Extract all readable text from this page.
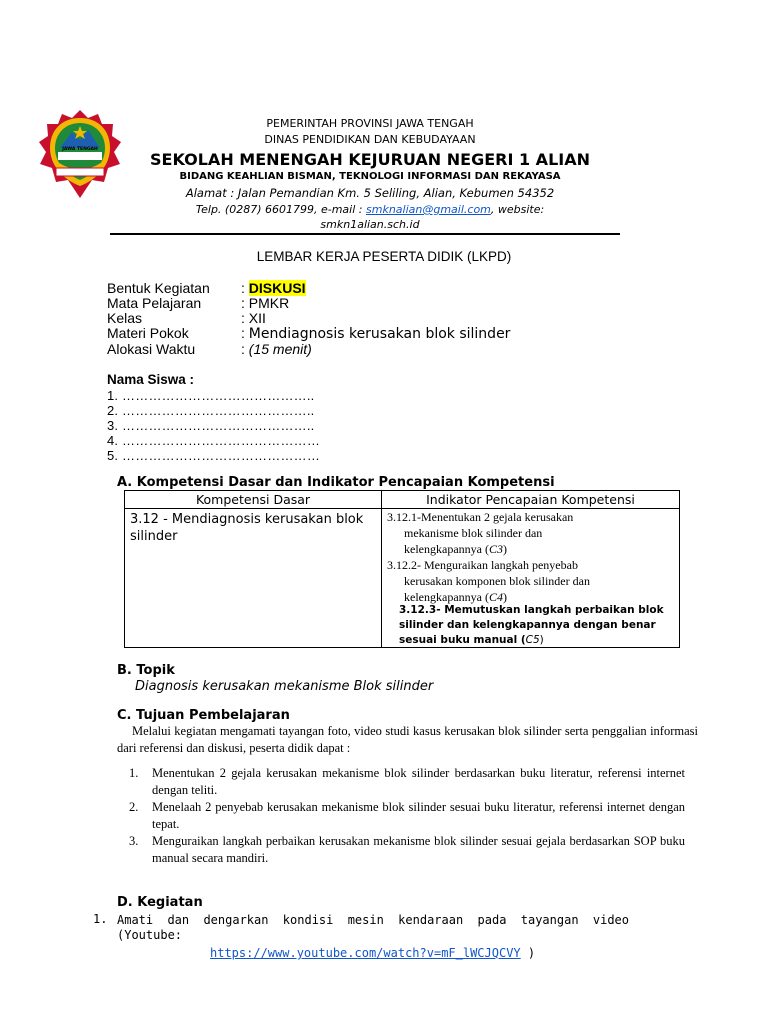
JAWA TENGAH
PEMERINTAH PROVINSI JAWA TENGAH
DINAS PENDIDIKAN DAN KEBUDAYAAN
SEKOLAH MENENGAH KEJURUAN NEGERI 1 ALIAN
BIDANG KEAHLIAN BISMAN, TEKNOLOGI INFORMASI DAN REKAYASA
Alamat : Jalan Pemandian Km. 5 Seliling, Alian, Kebumen 54352
Telp. (0287) 6601799, e-mail : smknalian@gmail.com, website:
smkn1alian.sch.id
LEMBAR KERJA PESERTA DIDIK (LKPD)
Bentuk Kegiatan : DISKUSI
Mata Pelajaran	: PMKR
Kelas	: XII
Materi Pokok	: Mendiagnosis kerusakan blok silinder
Alokasi Waktu	: (15 menit)
Nama Siswa :
1. ……………………………………..
2. ……………………………………..
3. ……………………………………..
4. ………………………………………
5. ………………………………………
A. Kompetensi Dasar dan Indikator Pencapaian Kompetensi
Kompetensi Dasar	Indikator Pencapaian Kompetensi
3.12 - Mendiagnosis kerusakan blok silinder
3.12.1-Menentukan 2 gejala kerusakan
mekanisme blok silinder dan
kelengkapannya (C3)
3.12.2- Menguraikan langkah penyebab
kerusakan komponen blok silinder dan
kelengkapannya (C4)
3.12.3- Memutuskan langkah perbaikan blok silinder dan kelengkapannya dengan benar sesuai buku manual (C5)
B. Topik
Diagnosis kerusakan mekanisme Blok silinder
C. Tujuan Pembelajaran
Melalui kegiatan mengamati tayangan foto, video studi kasus kerusakan blok silinder serta penggalian informasi dari referensi dan diskusi, peserta didik dapat :
1. Menentukan 2 gejala kerusakan mekanisme blok silinder berdasarkan buku literatur, referensi internet dengan teliti.
2. Menelaah 2 penyebab kerusakan mekanisme blok silinder sesuai buku literatur, referensi internet dengan tepat.
3. Menguraikan langkah perbaikan kerusakan mekanisme blok silinder sesuai gejala berdasarkan SOP buku manual secara mandiri.
D. Kegiatan
1. Amati dan dengarkan kondisi mesin kendaraan pada tayangan video
(Youtube:
https://www.youtube.com/watch?v=mF_lWCJQCVY )
